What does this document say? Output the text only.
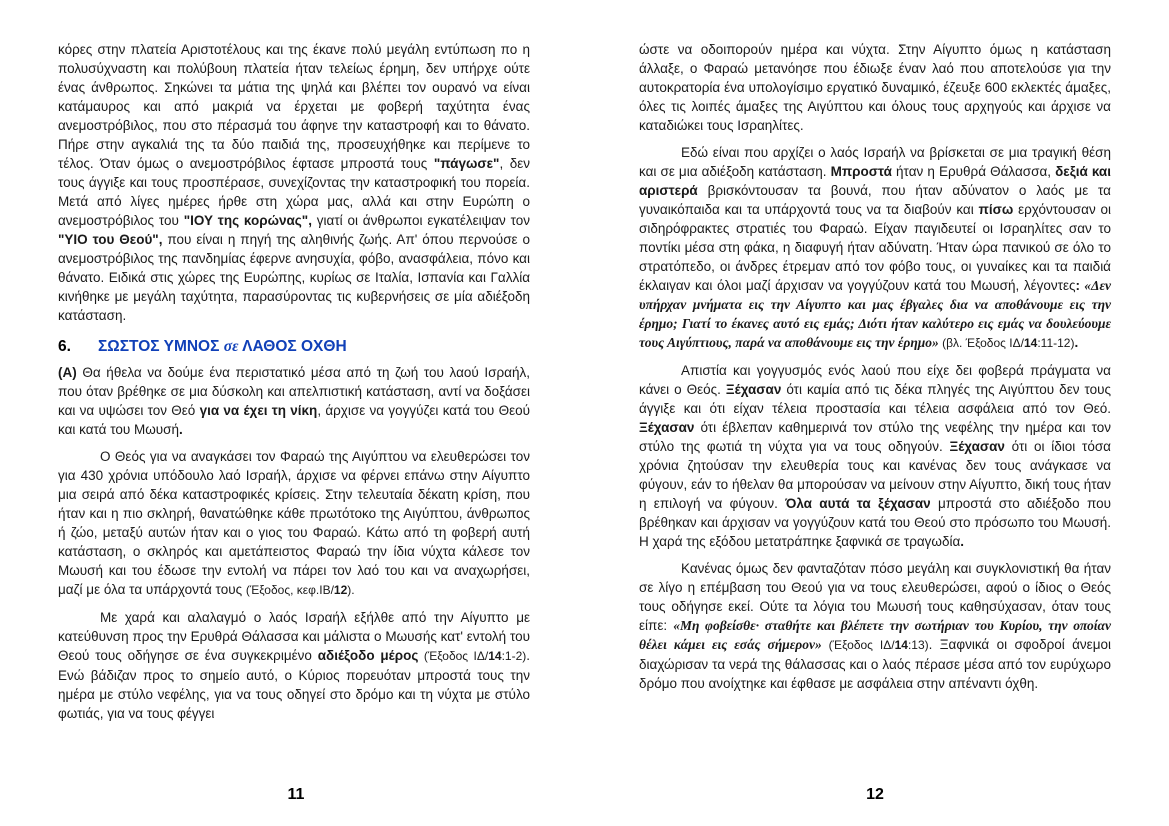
κόρες στην πλατεία Αριστοτέλους και της έκανε πολύ μεγάλη εντύπωση πο η πολυσύχναστη και πολύβουη πλατεία ήταν τελείως έρημη, δεν υπήρχε ούτε ένας άνθρωπος. Σηκώνει τα μάτια της ψηλά και βλέπει τον ουρανό να είναι κατάμαυρος και από μακριά να έρχεται με φοβερή ταχύτητα ένας ανεμοστρόβιλος, που στο πέρασμά του άφηνε την καταστροφή και το θάνατο. Πήρε στην αγκαλιά της τα δύο παιδιά της, προσευχήθηκε και περίμενε το τέλος. Όταν όμως ο ανεμοστρόβιλος έφτασε μπροστά τους "πάγωσε", δεν τους άγγιξε και τους προσπέρασε, συνεχίζοντας την καταστροφική του πορεία. Μετά από λίγες ημέρες ήρθε στη χώρα μας, αλλά και στην Ευρώπη ο ανεμοστρόβιλος του "ΙΟΥ της κορώνας", γιατί οι άνθρωποι εγκατέλειψαν τον "ΥΙΟ του Θεού", που είναι η πηγή της αληθινής ζωής. Απ' όπου περνούσε ο ανεμοστρόβιλος της πανδημίας έφερνε ανησυχία, φόβο, ανασφάλεια, πόνο και θάνατο. Ειδικά στις χώρες της Ευρώπης, κυρίως σε Ιταλία, Ισπανία και Γαλλία κινήθηκε με μεγάλη ταχύτητα, παρασύροντας τις κυβερνήσεις σε μία αδιέξοδη κατάσταση.

6. ΣΩΣΤΟΣ ΥΜΝΟΣ σε ΛΑΘΟΣ ΟΧΘΗ

(Α) Θα ήθελα να δούμε ένα περιστατικό μέσα από τη ζωή του λαού Ισραήλ, που όταν βρέθηκε σε μια δύσκολη και απελπιστική κατάσταση, αντί να δοξάσει και να υψώσει τον Θεό για να έχει τη νίκη, άρχισε να γογγύζει κατά του Θεού και κατά του Μωυσή.

Ο Θεός για να αναγκάσει τον Φαραώ της Αιγύπτου να ελευθερώσει τον για 430 χρόνια υπόδουλο λαό Ισραήλ, άρχισε να φέρνει επάνω στην Αίγυπτο μια σειρά από δέκα καταστροφικές κρίσεις. Στην τελευταία δέκατη κρίση, που ήταν και η πιο σκληρή, θανατώθηκε κάθε πρωτότοκο της Αιγύπτου, άνθρωπος ή ζώο, μεταξύ αυτών ήταν και ο γιος του Φαραώ. Κάτω από τη φοβερή αυτή κατάσταση, ο σκληρός και αμετάπειστος Φαραώ την ίδια νύχτα κάλεσε τον Μωυσή και του έδωσε την εντολή να πάρει τον λαό του και να αναχωρήσει, μαζί με όλα τα υπάρχοντά τους (Έξοδος, κεφ.ΙΒ/12).

Με χαρά και αλαλαγμό ο λαός Ισραήλ εξήλθε από την Αίγυπτο με κατεύθυνση προς την Ερυθρά Θάλασσα και μάλιστα ο Μωυσής κατ' εντολή του Θεού τους οδήγησε σε ένα συγκεκριμένο αδιέξοδο μέρος (Έξοδος ΙΔ/14:1-2). Ενώ βάδιζαν προς το σημείο αυτό, ο Κύριος πορευόταν μπροστά τους την ημέρα με στύλο νεφέλης, για να τους οδηγεί στο δρόμο και τη νύχτα με στύλο φωτιάς, για να τους φέγγει

ώστε να οδοιπορούν ημέρα και νύχτα. Στην Αίγυπτο όμως η κατάσταση άλλαξε, ο Φαραώ μετανόησε που έδιωξε έναν λαό που αποτελούσε για την αυτοκρατορία ένα υπολογίσιμο εργατικό δυναμικό, έζευξε 600 εκλεκτές άμαξες, όλες τις λοιπές άμαξες της Αιγύπτου και όλους τους αρχηγούς και άρχισε να καταδιώκει τους Ισραηλίτες.

Εδώ είναι που αρχίζει ο λαός Ισραήλ να βρίσκεται σε μια τραγική θέση και σε μια αδιέξοδη κατάσταση. Μπροστά ήταν η Ερυθρά Θάλασσα, δεξιά και αριστερά βρισκόντουσαν τα βουνά, που ήταν αδύνατον ο λαός με τα γυναικόπαιδα και τα υπάρχοντά τους να τα διαβούν και πίσω ερχόντουσαν οι σιδηρόφρακτες στρατιές του Φαραώ. Είχαν παγιδευτεί οι Ισραηλίτες σαν το ποντίκι μέσα στη φάκα, η διαφυγή ήταν αδύνατη. Ήταν ώρα πανικού σε όλο το στρατόπεδο, οι άνδρες έτρεμαν από τον φόβο τους, οι γυναίκες και τα παιδιά έκλαιγαν και όλοι μαζί άρχισαν να γογγύζουν κατά του Μωυσή, λέγοντες: «Δεν υπήρχαν μνήματα εις την Αίγυπτο και μας έβγαλες δια να αποθάνουμε εις την έρημο; Γιατί το έκανες αυτό εις εμάς; Διότι ήταν καλύτερο εις εμάς να δουλεύουμε τους Αιγύπτιους, παρά να αποθάνουμε εις την έρημο» (βλ. Έξοδος ΙΔ/14:11-12).

Απιστία και γογγυσμός ενός λαού που είχε δει φοβερά πράγματα να κάνει ο Θεός. Ξέχασαν ότι καμία από τις δέκα πληγές της Αιγύπτου δεν τους άγγιξε και ότι είχαν τέλεια προστασία και τέλεια ασφάλεια από τον Θεό. Ξέχασαν ότι έβλεπαν καθημερινά τον στύλο της νεφέλης την ημέρα και τον στύλο της φωτιά τη νύχτα για να τους οδηγούν. Ξέχασαν ότι οι ίδιοι τόσα χρόνια ζητούσαν την ελευθερία τους και κανένας δεν τους ανάγκασε να φύγουν, εάν το ήθελαν θα μπορούσαν να μείνουν στην Αίγυπτο, δική τους ήταν η επιλογή να φύγουν. Όλα αυτά τα ξέχασαν μπροστά στο αδιέξοδο που βρέθηκαν και άρχισαν να γογγύζουν κατά του Θεού στο πρόσωπο του Μωυσή. Η χαρά της εξόδου μετατράπηκε ξαφνικά σε τραγωδία.

Κανένας όμως δεν φανταζόταν πόσο μεγάλη και συγκλονιστική θα ήταν σε λίγο η επέμβαση του Θεού για να τους ελευθερώσει, αφού ο ίδιος ο Θεός τους οδήγησε εκεί. Ούτε τα λόγια του Μωυσή τους καθησύχασαν, όταν τους είπε: «Μη φοβείσθε· σταθήτε και βλέπετε την σωτήριαν του Κυρίου, την οποίαν θέλει κάμει εις εσάς σήμερον» (Έξοδος ΙΔ/14:13). Ξαφνικά οι σφοδροί άνεμοι διαχώρισαν τα νερά της θάλασσας και ο λαός πέρασε μέσα από τον ευρύχωρο δρόμο που ανοίχτηκε και έφθασε με ασφάλεια στην απέναντι όχθη.

11	12
